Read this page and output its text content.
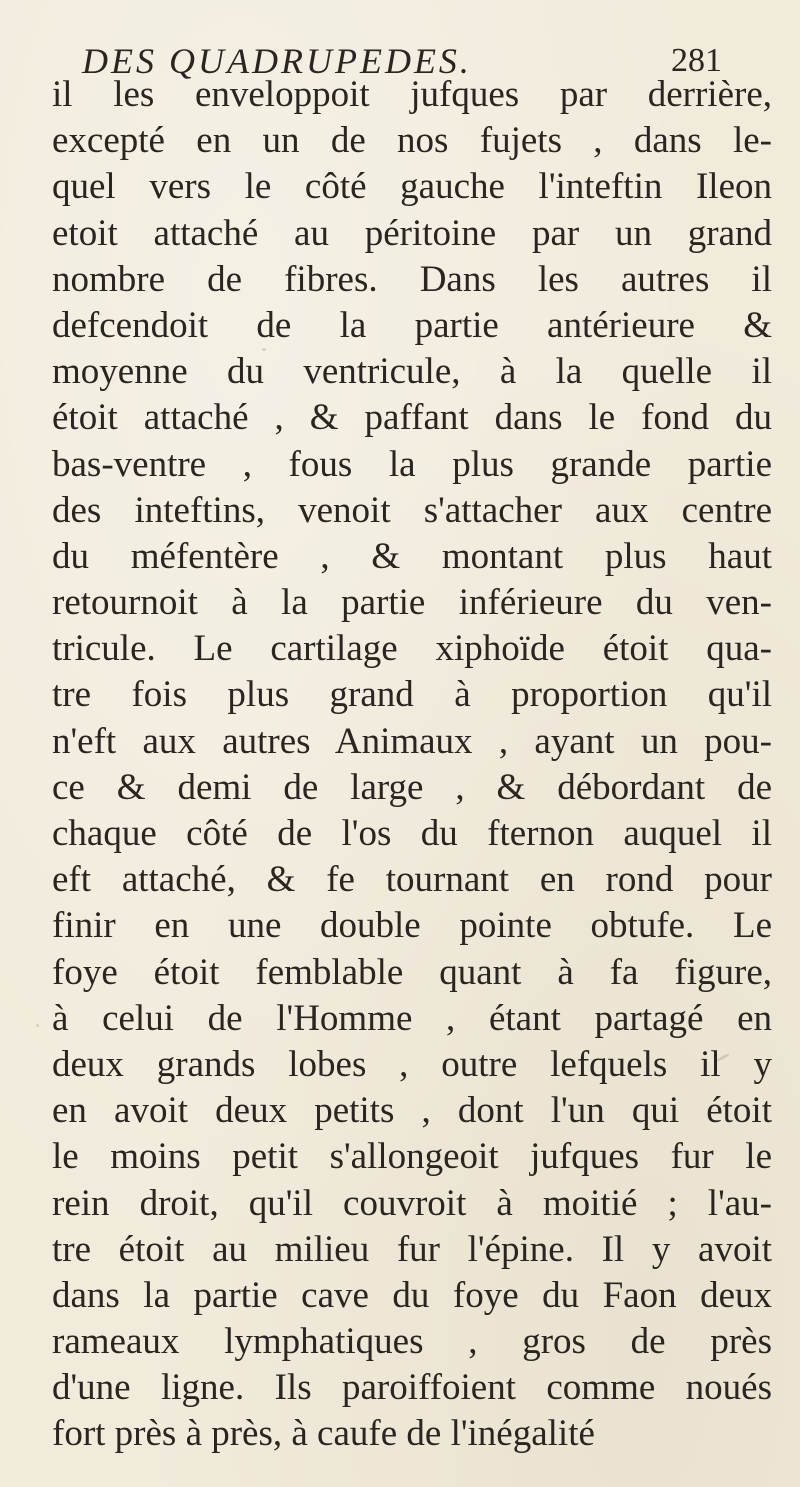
DES QUADRUPEDES.	281
il les enveloppoit jufques par derrière,
excepté en un de nos fujets , dans le-
quel vers le côté gauche l'inteftin Ileon
etoit attaché au péritoine par un grand
nombre de fibres. Dans les autres il
defcendoit de la partie antérieure &
moyenne du ventricule, à la quelle il
étoit attaché , & paffant dans le fond du
bas-ventre , fous la plus grande partie
des inteftins, venoit s'attacher aux centre
du méfentère , & montant plus haut
retournoit à la partie inférieure du ven-
tricule. Le cartilage xiphoïde étoit qua-
tre fois plus grand à proportion qu'il
n'eft aux autres Animaux , ayant un pou-
ce & demi de large , & débordant de
chaque côté de l'os du fternon auquel il
eft attaché, & fe tournant en rond pour
finir en une double pointe obtufe. Le
foye étoit femblable quant à fa figure,
à celui de l'Homme , étant partagé en
deux grands lobes , outre lefquels il y
en avoit deux petits , dont l'un qui étoit
le moins petit s'allongeoit jufques fur le
rein droit, qu'il couvroit à moitié ; l'au-
tre étoit au milieu fur l'épine. Il y avoit
dans la partie cave du foye du Faon deux
rameaux lymphatiques , gros de près
d'une ligne. Ils paroiffoient comme noués
fort près à près, à caufe de l'inégalité
